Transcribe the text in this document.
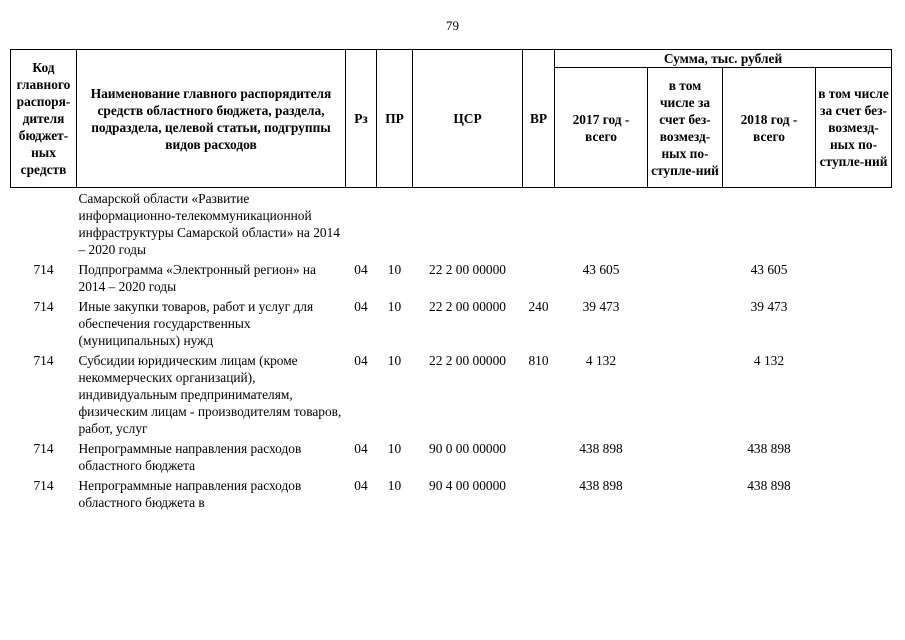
79
Код главного распоря-дителя бюджет-ных средств	Наименование главного распорядителя средств областного бюджета, раздела, подраздела, целевой статьи, подгруппы видов расходов	Рз	ПР	ЦСР	ВР	Сумма, тыс. рублей			
						2017 год - всего	в том числе за счет без-возмезд-ных по-ступле-ний	2018 год - всего	в том числе за счет без-возмезд-ных по-ступле-ний
	Самарской области «Развитие информационно-телекоммуникационной инфраструктуры Самарской области» на 2014 – 2020 годы								
714	Подпрограмма «Электронный регион» на 2014 – 2020 годы	04	10	22 2 00 00000		43 605		43 605	
714	Иные закупки товаров, работ и услуг для обеспечения государственных (муниципальных) нужд	04	10	22 2 00 00000	240	39 473		39 473	
714	Субсидии юридическим лицам (кроме некоммерческих организаций), индивидуальным предпринимателям, физическим лицам - производителям товаров, работ, услуг	04	10	22 2 00 00000	810	4 132		4 132	
714	Непрограммные направления расходов областного бюджета	04	10	90 0 00 00000		438 898		438 898	
714	Непрограммные направления расходов областного бюджета в	04	10	90 4 00 00000		438 898		438 898	
